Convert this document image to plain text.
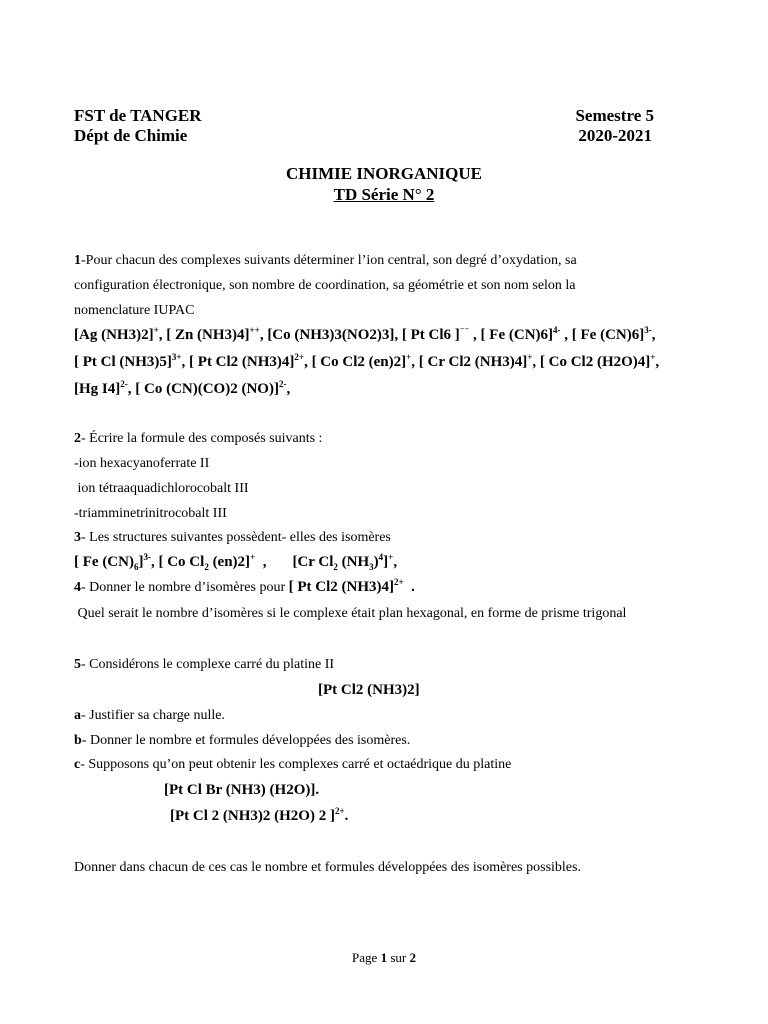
FST de TANGER
Dépt de Chimie
Semestre 5
2020-2021
CHIMIE INORGANIQUE
TD Série N° 2
1-Pour chacun des complexes suivants déterminer l’ion central, son degré d’oxydation, sa
configuration électronique, son nombre de coordination, sa géométrie et son nom selon la
nomenclature IUPAC
[Ag (NH3)2]+, [ Zn (NH3)4]++, [Co (NH3)3(NO2)3], [ Pt Cl6 ]⁻⁻ , [ Fe (CN)6]$^{4-}$ , [ Fe (CN)6]$^{3-}$,
[ Pt Cl (NH3)5]$^{3+}$, [ Pt Cl2 (NH3)4]$^{2+}$, [ Co Cl2 (en)2]+, [ Cr Cl2 (NH3)4]+, [ Co Cl2 (H2O)4]+,
[Hg I4]$^{2-}$, [ Co (CN)(CO)2 (NO)]$^{2-}$,
2- Écrire la formule des composés suivants :
-ion hexacyanoferrate II
ion tétraaquadichlorocobalt III
-triamminetrinitrocobalt III
3- Les structures suivantes possèdent- elles des isomères
[ Fe $(CN)_6]^{3-}$, [ Co $Cl_2$ (en)2]+  , [Cr $Cl_2$ $(NH_3)^4]^+$,
4- Donner le nombre d’isomères pour [ Pt Cl2 (NH3)4]$^{2+}$  .
Quel serait le nombre d’isomères si le complexe était plan hexagonal, en forme de prisme trigonal
5- Considérons le complexe carré du platine II
[Pt Cl2 (NH3)2]
a- Justifier sa charge nulle.
b- Donner le nombre et formules développées des isomères.
c- Supposons qu’on peut obtenir les complexes carré et octaédrique du platine
[Pt Cl Br (NH3) (H2O)].
[Pt Cl 2 (NH3)2 (H2O) 2 ]$^{2+}$.
Donner dans chacun de ces cas le nombre et formules développées des isomères possibles.
Page 1 sur 2
